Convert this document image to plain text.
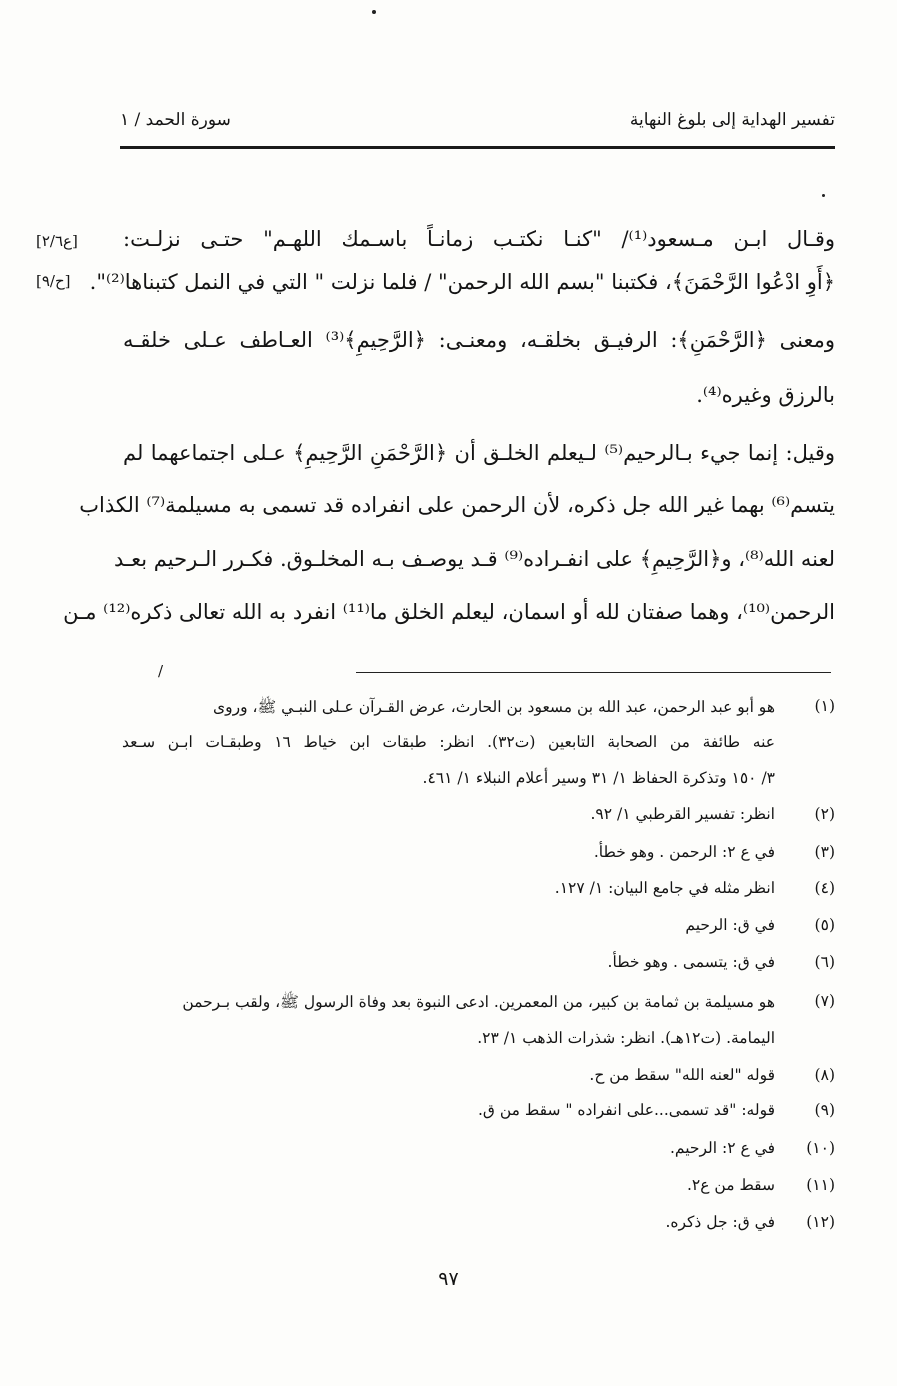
تفسير الهداية إلى بلوغ النهاية
سورة الحمد / ١
[ع٢/٦]
[ح/٩]
وقـال ابـن مـسعود⁽¹⁾/ "كنـا نكتـب زمانـاً باسـمك اللهـم" حتـى نزلـت:
﴿أَوِ ادْعُوا الرَّحْمَنَ﴾، فكتبنا "بسم الله الرحمن" / فلما نزلت " التي في النمل كتبناها⁽²⁾".
ومعنى ﴿الرَّحْمَنِ﴾: الرفيـق بخلقـه، ومعنـى: ﴿الرَّحِيمِ﴾⁽³⁾ العـاطف عـلى خلقـه
بالرزق وغيره⁽⁴⁾.
وقيل: إنما جيء بـالرحيم⁽⁵⁾ لـيعلم الخلـق أن ﴿الرَّحْمَنِ الرَّحِيمِ﴾ عـلى اجتماعهما لم
يتسم⁽⁶⁾ بهما غير الله جل ذكره، لأن الرحمن على انفراده قد تسمى به مسيلمة⁽⁷⁾ الكذاب
لعنه الله⁽⁸⁾، و﴿الرَّحِيمِ﴾ على انفـراده⁽⁹⁾ قـد يوصـف بـه المخلـوق. فكـرر الـرحيم بعـد
الرحمن⁽¹⁰⁾، وهما صفتان لله أو اسمان، ليعلم الخلق ما⁽¹¹⁾ انفرد به الله تعالى ذكره⁽¹²⁾ مـن
/
(١)
هو أبو عبد الرحمن، عبد الله بن مسعود بن الحارث، عرض القـرآن عـلى النبـي ﷺ، وروى
عنه طائفة من الصحابة التابعين (ت٣٢). انظر: طبقات ابن خياط ١٦ وطبقـات ابـن سـعد
٣/ ١٥٠ وتذكرة الحفاظ ١/ ٣١ وسير أعلام النبلاء ١/ ٤٦١.
(٢)
انظر: تفسير القرطبي ١/ ٩٢.
(٣)
في ع ٢: الرحمن . وهو خطأ.
(٤)
انظر مثله في جامع البيان: ١/ ١٢٧.
(٥)
في ق: الرحيم
(٦)
في ق: يتسمى . وهو خطأ.
(٧)
هو مسيلمة بن ثمامة بن كبير، من المعمرين. ادعى النبوة بعد وفاة الرسول ﷺ، ولقب بـرحمن
اليمامة. (ت١٢هـ). انظر: شذرات الذهب ١/ ٢٣.
(٨)
قوله "لعنه الله" سقط من ح.
(٩)
قوله: "قد تسمى...على انفراده " سقط من ق.
(١٠)
في ع ٢: الرحيم.
(١١)
سقط من ع٢.
(١٢)
في ق: جل ذكره.
٩٧
